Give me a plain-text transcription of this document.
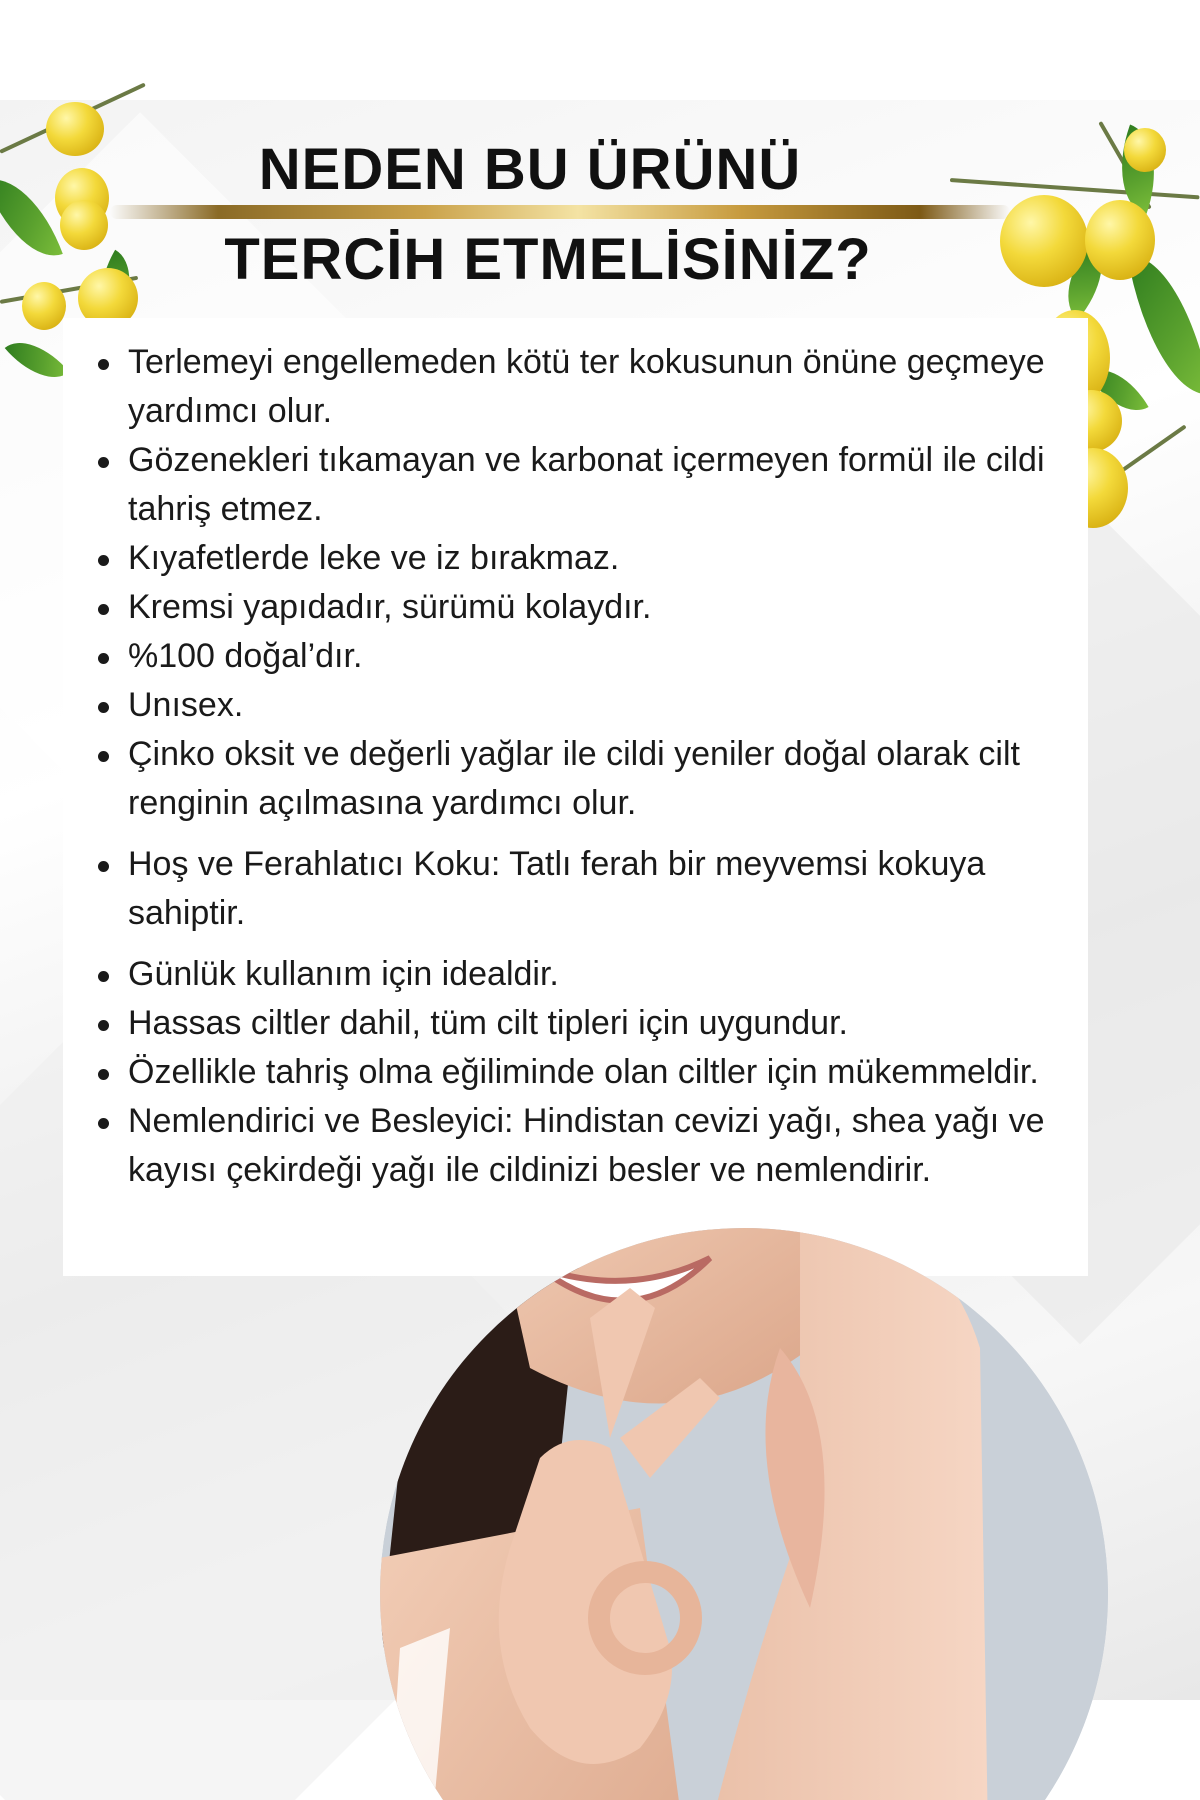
NEDEN BU ÜRÜNÜ
TERCİH ETMELİSİNİZ?
Terlemeyi engellemeden kötü ter kokusunun önüne geçmeye yardımcı olur.
Gözenekleri tıkamayan ve karbonat içermeyen formül ile cildi tahriş etmez.
Kıyafetlerde leke ve iz bırakmaz.
Kremsi yapıdadır, sürümü kolaydır.
%100 doğal’dır.
Unısex.
Çinko oksit ve değerli yağlar ile cildi yeniler doğal olarak cilt renginin açılmasına yardımcı olur.
Hoş ve Ferahlatıcı Koku: Tatlı ferah bir meyvemsi kokuya sahiptir.
Günlük kullanım için idealdir.
Hassas ciltler dahil, tüm cilt tipleri için uygundur.
Özellikle tahriş olma eğiliminde olan ciltler için mükemmeldir.
Nemlendirici ve Besleyici: Hindistan cevizi yağı, shea yağı ve kayısı çekirdeği yağı ile cildinizi besler ve nemlendirir.
